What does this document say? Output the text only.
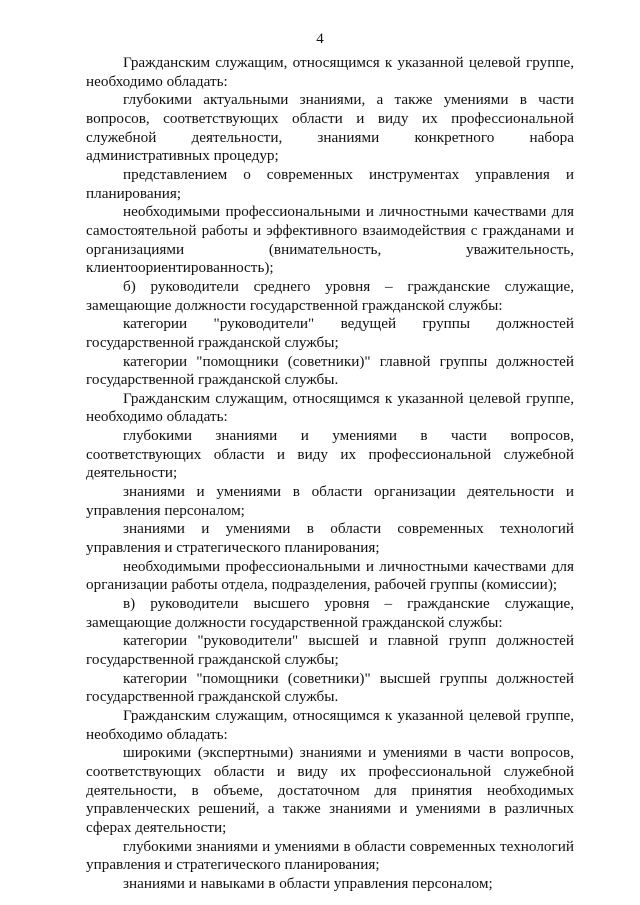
4

Гражданским служащим, относящимся к указанной целевой группе, необходимо обладать:

глубокими актуальными знаниями, а также умениями в части вопросов, соответствующих области и виду их профессиональной служебной деятельности, знаниями конкретного набора административных процедур;

представлением о современных инструментах управления и планирования;

необходимыми профессиональными и личностными качествами для самостоятельной работы и эффективного взаимодействия с гражданами и организациями (внимательность, уважительность, клиентоориентированность);

б) руководители среднего уровня – гражданские служащие, замещающие должности государственной гражданской службы:

категории "руководители" ведущей группы должностей государственной гражданской службы;

категории "помощники (советники)" главной группы должностей государственной гражданской службы.

Гражданским служащим, относящимся к указанной целевой группе, необходимо обладать:

глубокими знаниями и умениями в части вопросов, соответствующих области и виду их профессиональной служебной деятельности;

знаниями и умениями в области организации деятельности и управления персоналом;

знаниями и умениями в области современных технологий управления и стратегического планирования;

необходимыми профессиональными и личностными качествами для организации работы отдела, подразделения, рабочей группы (комиссии);

в) руководители высшего уровня – гражданские служащие, замещающие должности государственной гражданской службы:

категории "руководители" высшей и главной групп должностей государственной гражданской службы;

категории "помощники (советники)" высшей группы должностей государственной гражданской службы.

Гражданским служащим, относящимся к указанной целевой группе, необходимо обладать:

широкими (экспертными) знаниями и умениями в части вопросов, соответствующих области и виду их профессиональной служебной деятельности, в объеме, достаточном для принятия необходимых управленческих решений, а также знаниями и умениями в различных сферах деятельности;

глубокими знаниями и умениями в области современных технологий управления и стратегического планирования;

знаниями и навыками в области управления персоналом;
